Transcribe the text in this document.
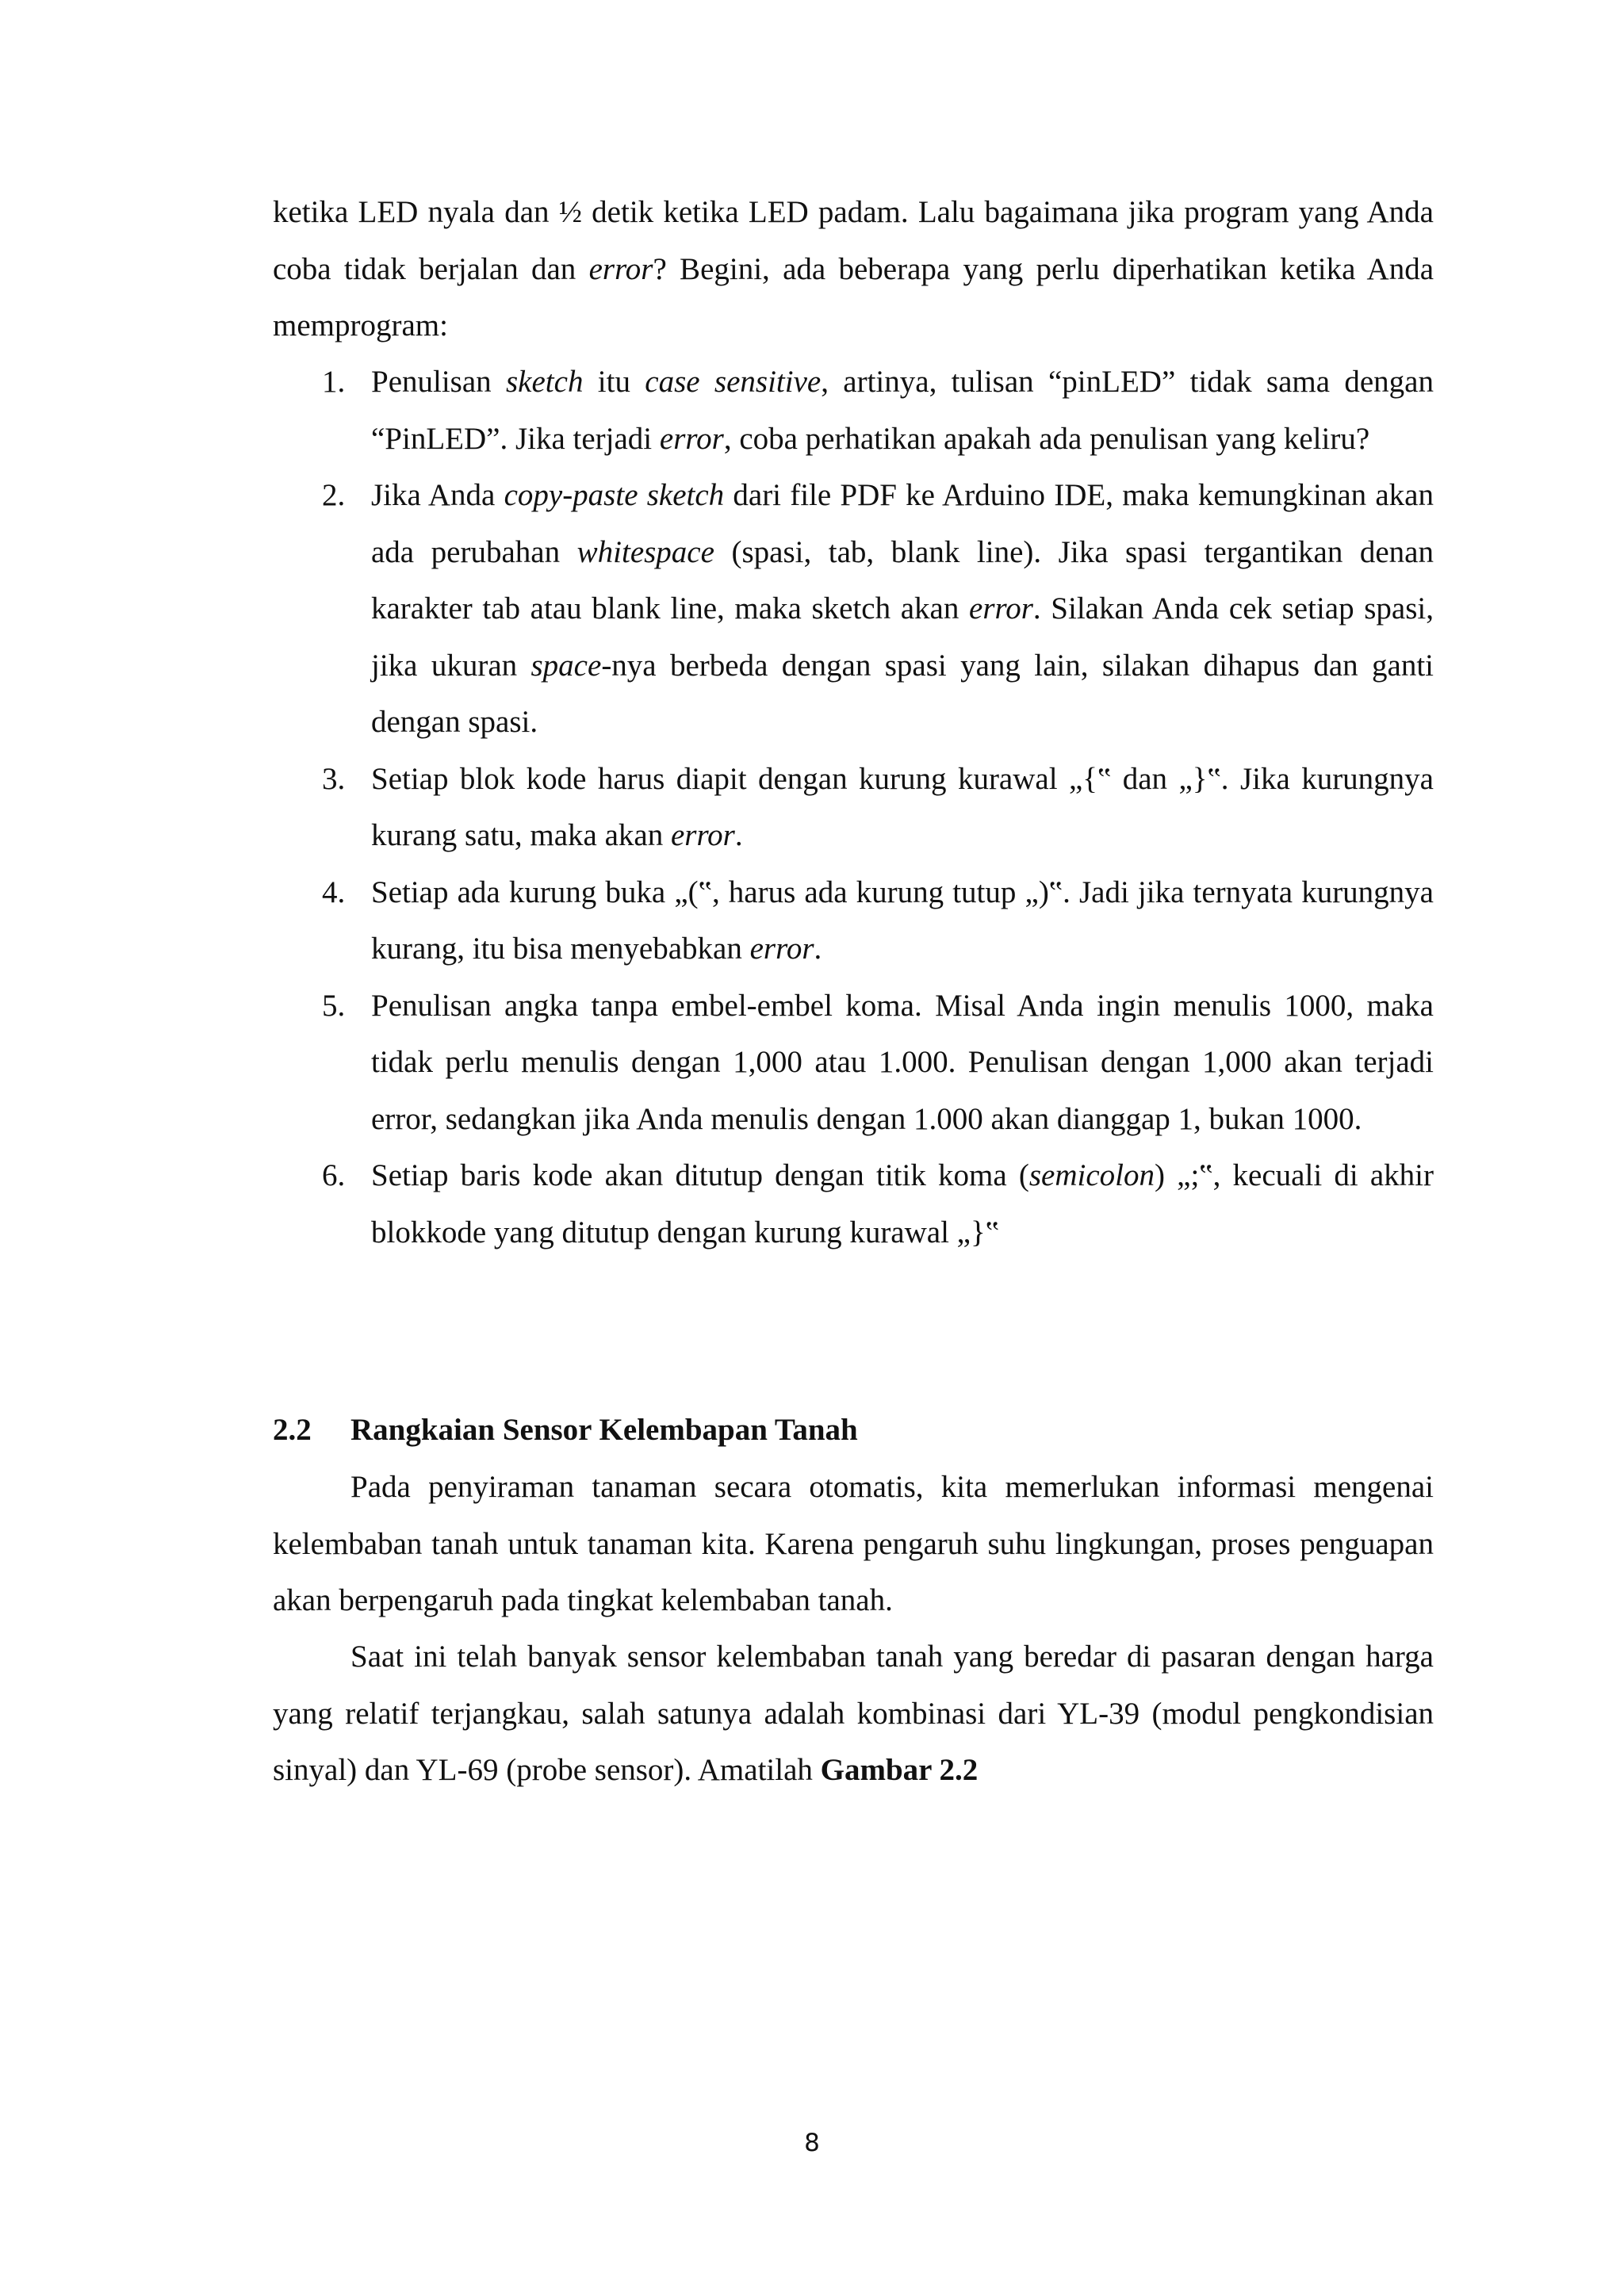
ketika LED nyala dan ½ detik ketika LED padam. Lalu bagaimana jika program yang Anda coba tidak berjalan dan error? Begini, ada beberapa yang perlu diperhatikan ketika Anda memprogram:

1. Penulisan sketch itu case sensitive, artinya, tulisan “pinLED” tidak sama dengan “PinLED”. Jika terjadi error, coba perhatikan apakah ada penulisan yang keliru?
2. Jika Anda copy-paste sketch dari file PDF ke Arduino IDE, maka kemungkinan akan ada perubahan whitespace (spasi, tab, blank line). Jika spasi tergantikan denan karakter tab atau blank line, maka sketch akan error. Silakan Anda cek setiap spasi, jika ukuran space-nya berbeda dengan spasi yang lain, silakan dihapus dan ganti dengan spasi.
3. Setiap blok kode harus diapit dengan kurung kurawal „{‟ dan „}‟. Jika kurungnya kurang satu, maka akan error.
4. Setiap ada kurung buka „(‟, harus ada kurung tutup „)‟. Jadi jika ternyata kurungnya kurang, itu bisa menyebabkan error.
5. Penulisan angka tanpa embel-embel koma. Misal Anda ingin menulis 1000, maka tidak perlu menulis dengan 1,000 atau 1.000. Penulisan dengan 1,000 akan terjadi error, sedangkan jika Anda menulis dengan 1.000 akan dianggap 1, bukan 1000.
6. Setiap baris kode akan ditutup dengan titik koma (semicolon) „;‟, kecuali di akhir blokkode yang ditutup dengan kurung kurawal „}‟
2.2 Rangkaian Sensor Kelembapan Tanah

Pada penyiraman tanaman secara otomatis, kita memerlukan informasi mengenai kelembaban tanah untuk tanaman kita. Karena pengaruh suhu lingkungan, proses penguapan akan berpengaruh pada tingkat kelembaban tanah.

Saat ini telah banyak sensor kelembaban tanah yang beredar di pasaran dengan harga yang relatif terjangkau, salah satunya adalah kombinasi dari YL-39 (modul pengkondisian sinyal) dan YL-69 (probe sensor). Amatilah Gambar 2.2

8
